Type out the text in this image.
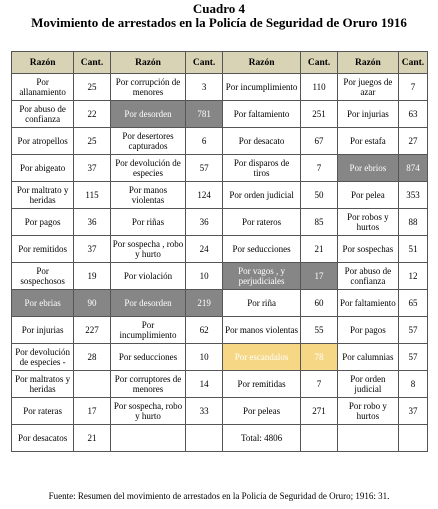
Cuadro 4
Movimiento de arrestados en la Policía de Seguridad de Oruro 1916
Razón	Cant.	Razón	Cant.	Razón	Cant.	Razón	Cant.
Por allanamiento	25	Por corrupción de menores	3	Por incumplimiento	110	Por juegos de azar	7
Por abuso de confianza	22	Por desorden	781	Por faltamiento	251	Por injurias	63
Por atropellos	25	Por desertores capturados	6	Por desacato	67	Por estafa	27
Por abigeato	37	Por devolución de especies	57	Por disparos de tiros	7	Por ebrios	874
Por maltrato y heridas	115	Por manos violentas	124	Por orden judicial	50	Por pelea	353
Por pagos	36	Por riñas	36	Por rateros	85	Por robos y hurtos	88
Por remitidos	37	Por sospecha , robo y hurto	24	Por seducciones	21	Por sospechas	51
Por sospechosos	19	Por violación	10	Por vagos , y perjudiciales	17	Por abuso de confianza	12
Por ebrias	90	Por desorden	219	Por riña	60	Por faltamiento	65
Por injurias	227	Por incumplimiento	62	Por manos violentas	55	Por pagos	57
Por devolución de especies -	28	Por seducciones	10	Por escandalos	78	Por calumnias	57
Por maltratos y heridas		Por corruptores de menores	14	Por remitidas	7	Por orden judicial	8
Por rateras	17	Por sospecha, robo y hurto	33	Por peleas	271	Por robo y hurtos	37
Por desacatos	21			Total: 4806			
Fuente: Resumen del movimiento de arrestados en la Policía de Seguridad de Oruro; 1916: 31.
